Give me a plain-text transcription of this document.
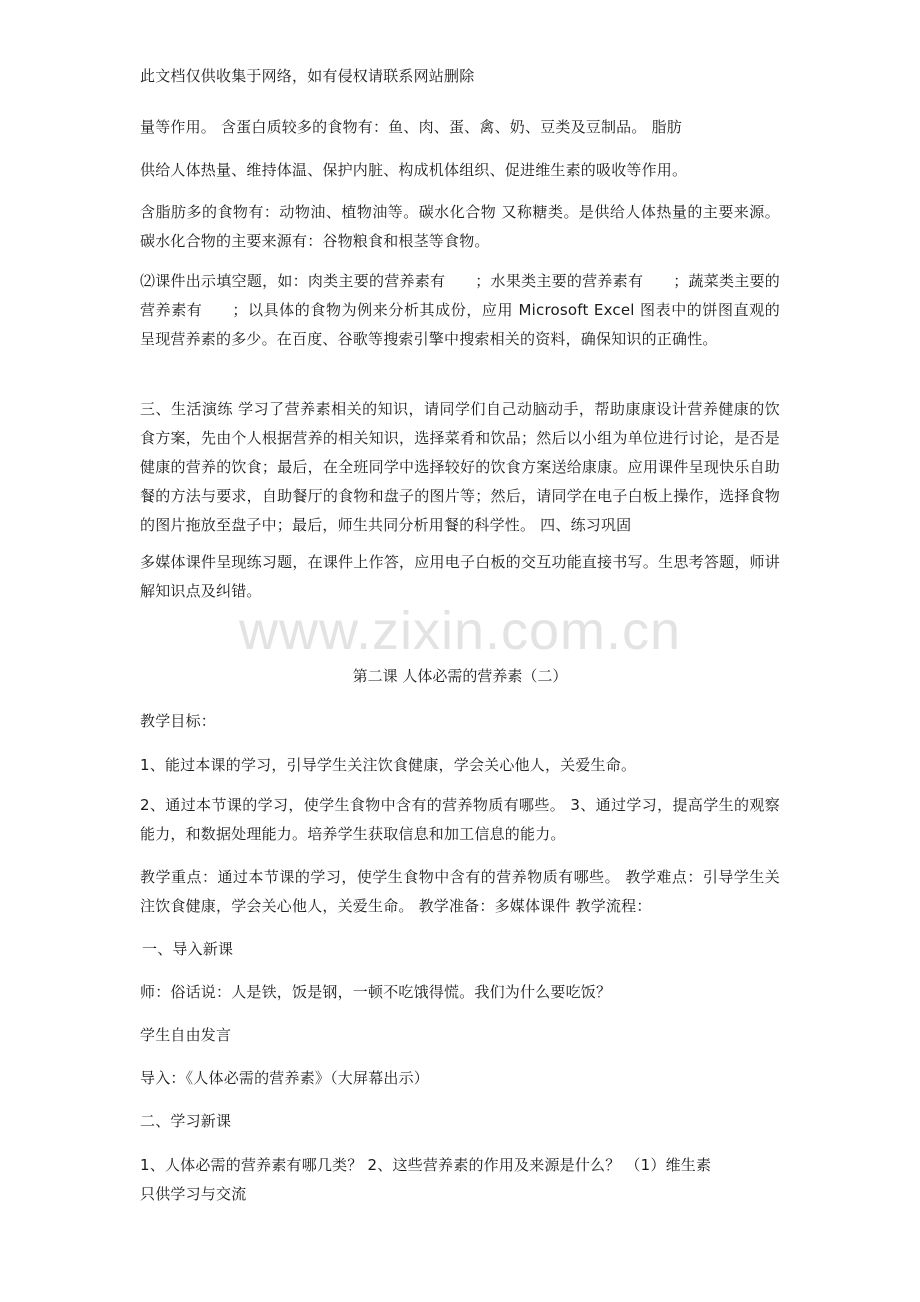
此文档仅供收集于网络，如有侵权请联系网站删除
量等作用。 含蛋白质较多的食物有：鱼、肉、蛋、禽、奶、豆类及豆制品。 脂肪
供给人体热量、维持体温、保护内脏、构成机体组织、促进维生素的吸收等作用。
含脂肪多的食物有：动物油、植物油等。碳水化合物 又称糖类。是供给人体热量的主要来源。 碳水化合物的主要来源有：谷物粮食和根茎等食物。
⑵课件出示填空题，如：肉类主要的营养素有 ；水果类主要的营养素有 ；蔬菜类主要的营养素有 ；以具体的食物为例来分析其成份，应用 Microsoft Excel 图表中的饼图直观的呈现营养素的多少。在百度、谷歌等搜索引擎中搜索相关的资料，确保知识的正确性。
三、生活演练 学习了营养素相关的知识，请同学们自己动脑动手，帮助康康设计营养健康的饮食方案，先由个人根据营养的相关知识，选择菜肴和饮品；然后以小组为单位进行讨论，是否是健康的营养的饮食；最后，在全班同学中选择较好的饮食方案送给康康。应用课件呈现快乐自助餐的方法与要求，自助餐厅的食物和盘子的图片等；然后，请同学在电子白板上操作，选择食物的图片拖放至盘子中；最后，师生共同分析用餐的科学性。 四、练习巩固
多媒体课件呈现练习题，在课件上作答，应用电子白板的交互功能直接书写。生思考答题，师讲解知识点及纠错。
www.zixin.com.cn
第二课 人体必需的营养素（二）
教学目标：
1、能过本课的学习，引导学生关注饮食健康，学会关心他人，关爱生命。
2、通过本节课的学习，使学生食物中含有的营养物质有哪些。 3、通过学习，提高学生的观察能力，和数据处理能力。培养学生获取信息和加工信息的能力。
教学重点：通过本节课的学习，使学生食物中含有的营养物质有哪些。 教学难点：引导学生关注饮食健康，学会关心他人，关爱生命。 教学准备：多媒体课件 教学流程：
一、导入新课
师：俗话说：人是铁，饭是钢，一顿不吃饿得慌。我们为什么要吃饭？
学生自由发言
导入：《人体必需的营养素》（大屏幕出示）
二、学习新课
1、人体必需的营养素有哪几类？ 2、这些营养素的作用及来源是什么？ （1）维生素
只供学习与交流
